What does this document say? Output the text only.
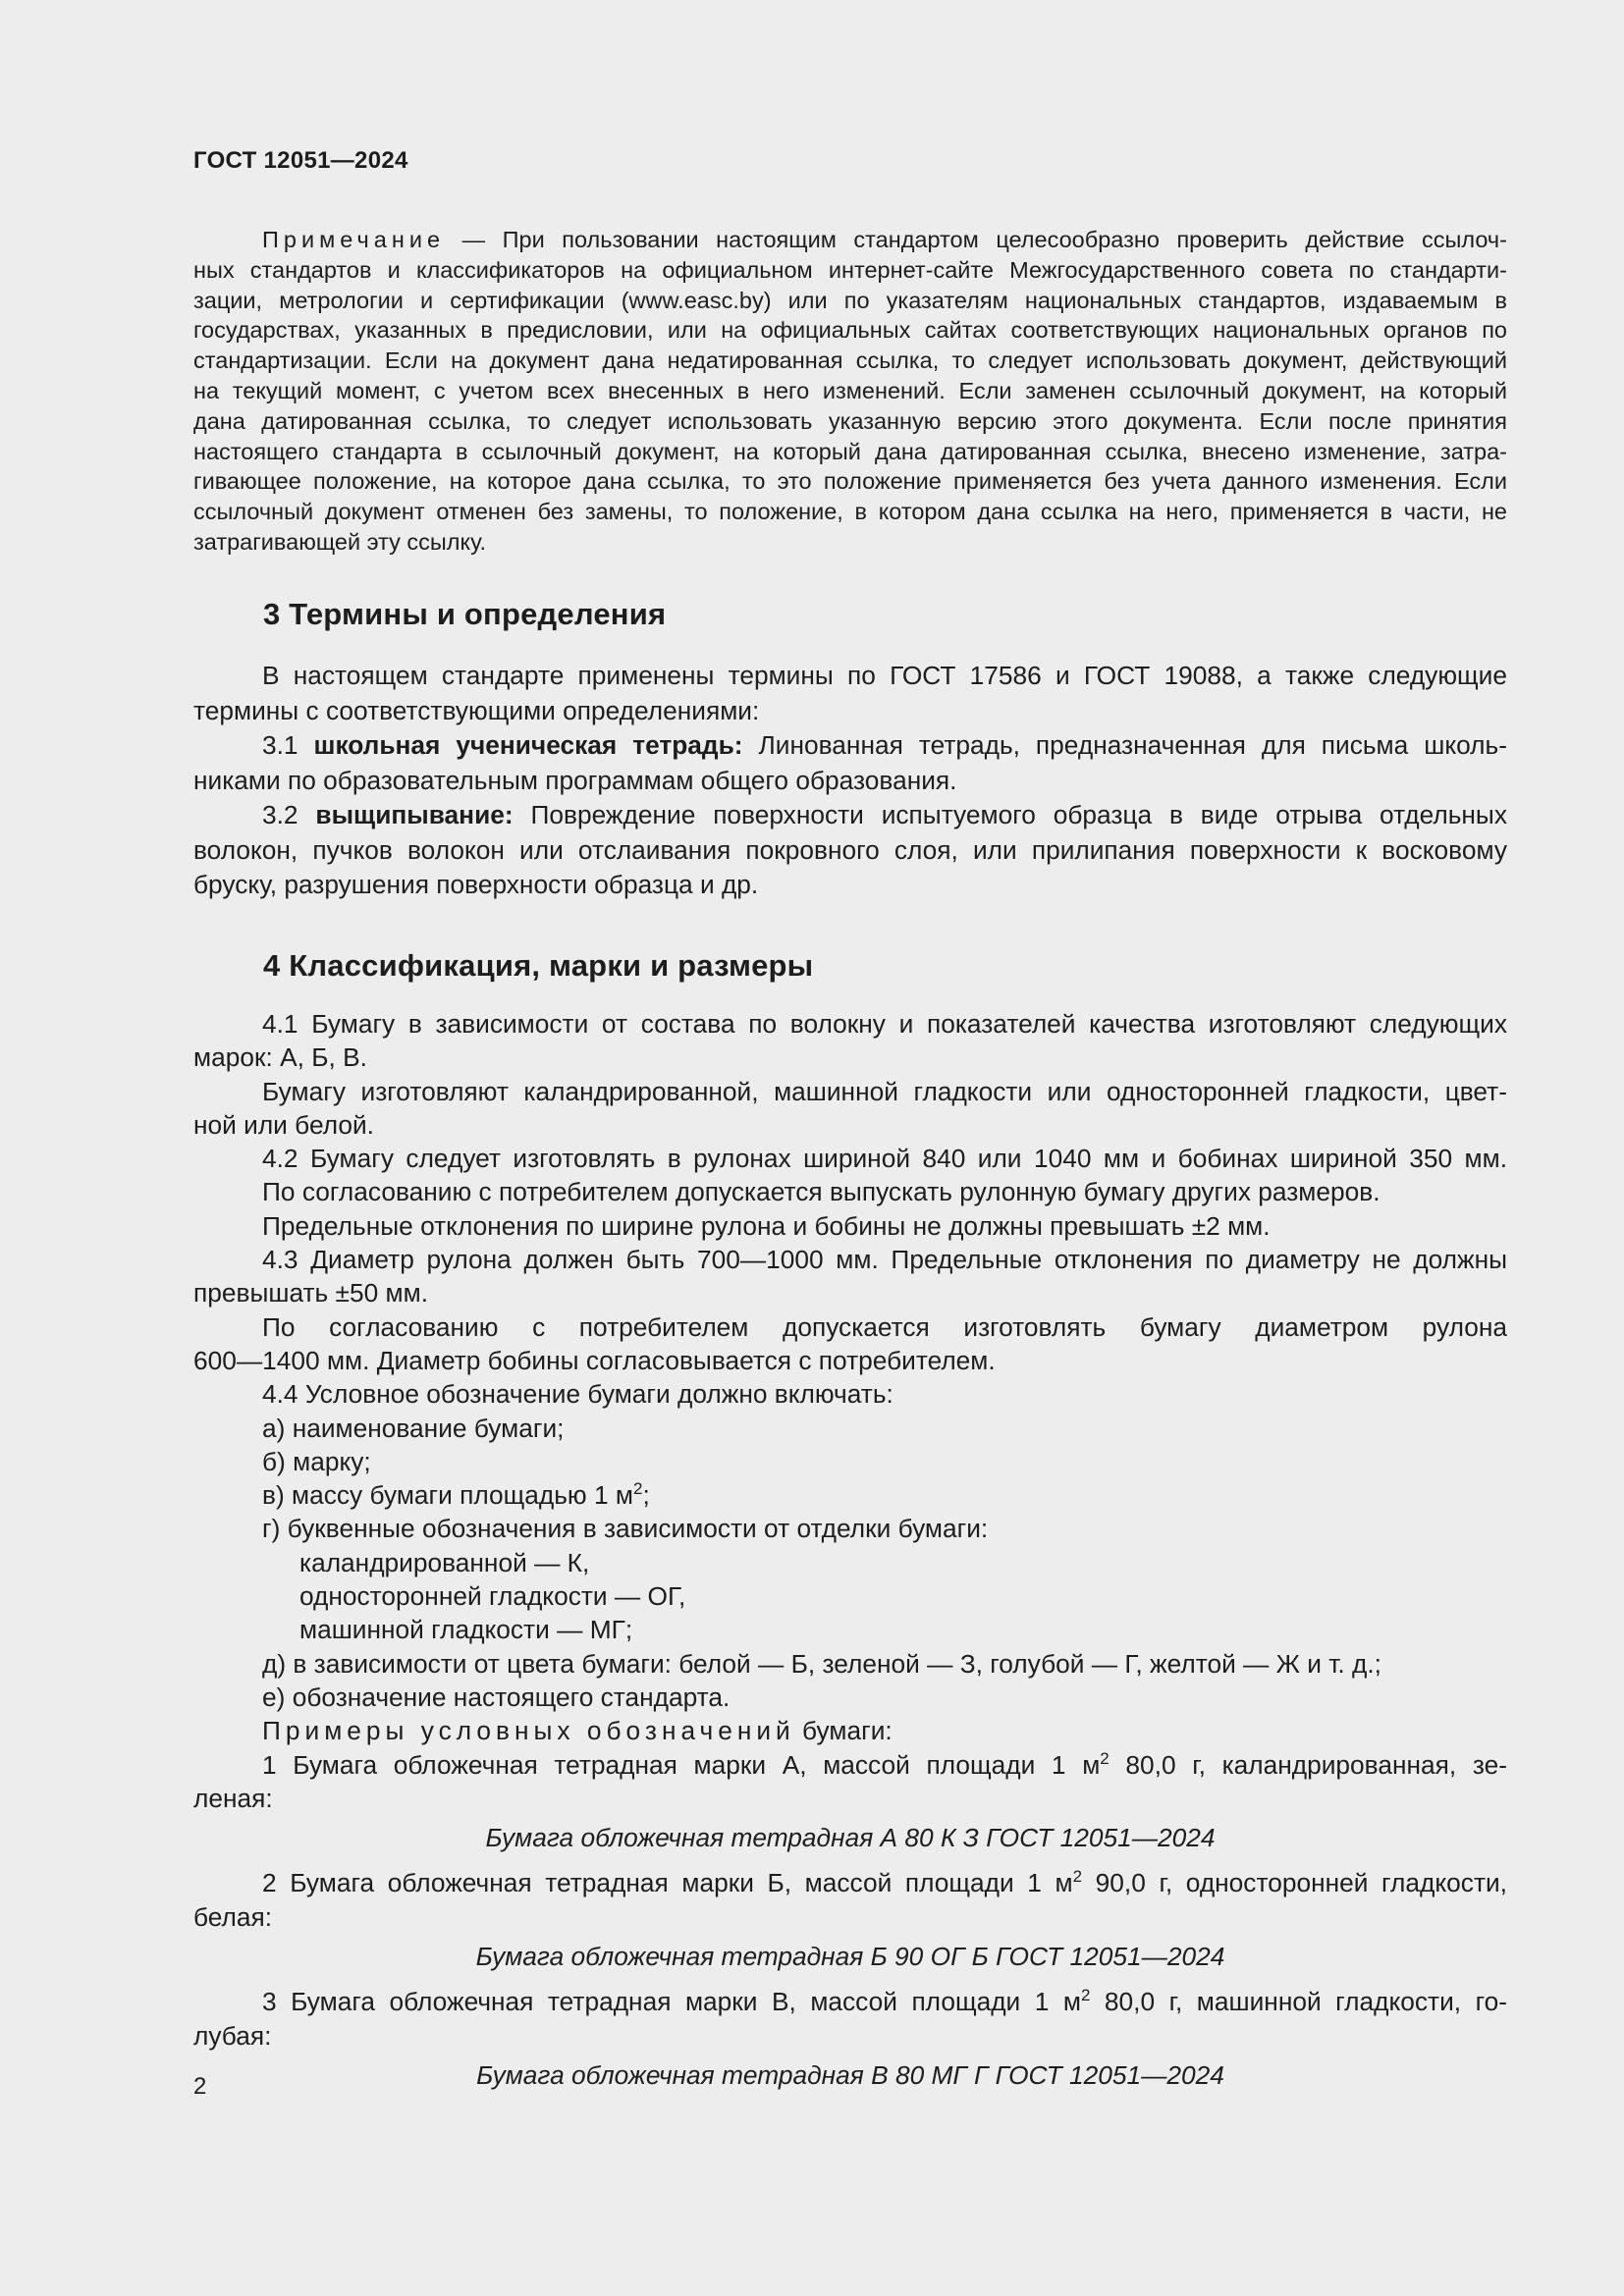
ГОСТ 12051—2024
Примечание — При пользовании настоящим стандартом целесообразно проверить действие ссылоч-
ных стандартов и классификаторов на официальном интернет-сайте Межгосударственного совета по стандарти-
зации, метрологии и сертификации (www.easc.by) или по указателям национальных стандартов, издаваемым в
государствах, указанных в предисловии, или на официальных сайтах соответствующих национальных органов по
стандартизации. Если на документ дана недатированная ссылка, то следует использовать документ, действующий
на текущий момент, с учетом всех внесенных в него изменений. Если заменен ссылочный документ, на который
дана датированная ссылка, то следует использовать указанную версию этого документа. Если после принятия
настоящего стандарта в ссылочный документ, на который дана датированная ссылка, внесено изменение, затра-
гивающее положение, на которое дана ссылка, то это положение применяется без учета данного изменения. Если
ссылочный документ отменен без замены, то положение, в котором дана ссылка на него, применяется в части, не
затрагивающей эту ссылку.
3 Термины и определения
В настоящем стандарте применены термины по ГОСТ 17586 и ГОСТ 19088, а также следующие
термины с соответствующими определениями:
3.1 школьная ученическая тетрадь: Линованная тетрадь, предназначенная для письма школь-
никами по образовательным программам общего образования.
3.2 выщипывание: Повреждение поверхности испытуемого образца в виде отрыва отдельных
волокон, пучков волокон или отслаивания покровного слоя, или прилипания поверхности к восковому
бруску, разрушения поверхности образца и др.
4 Классификация, марки и размеры
4.1 Бумагу в зависимости от состава по волокну и показателей качества изготовляют следующих
марок: А, Б, В.
Бумагу изготовляют каландрированной, машинной гладкости или односторонней гладкости, цвет-
ной или белой.
4.2 Бумагу следует изготовлять в рулонах шириной 840 или 1040 мм и бобинах шириной 350 мм.
По согласованию с потребителем допускается выпускать рулонную бумагу других размеров.
Предельные отклонения по ширине рулона и бобины не должны превышать ±2 мм.
4.3 Диаметр рулона должен быть 700—1000 мм. Предельные отклонения по диаметру не должны
превышать ±50 мм.
По согласованию с потребителем допускается изготовлять бумагу диаметром рулона
600—1400 мм. Диаметр бобины согласовывается с потребителем.
4.4 Условное обозначение бумаги должно включать:
а) наименование бумаги;
б) марку;
в) массу бумаги площадью 1 $м^2$;
г) буквенные обозначения в зависимости от отделки бумаги:
каландрированной — К,
односторонней гладкости — ОГ,
машинной гладкости — МГ;
д) в зависимости от цвета бумаги: белой — Б, зеленой — З, голубой — Г, желтой — Ж и т. д.;
е) обозначение настоящего стандарта.
Примеры условных обозначений бумаги:
1 Бумага обложечная тетрадная марки А, массой площади 1 $м^2$ 80,0 г, каландрированная, зе-
леная:
Бумага обложечная тетрадная А 80 К З ГОСТ 12051—2024
2 Бумага обложечная тетрадная марки Б, массой площади 1 $м^2$ 90,0 г, односторонней гладкости,
белая:
Бумага обложечная тетрадная Б 90 ОГ Б ГОСТ 12051—2024
3 Бумага обложечная тетрадная марки В, массой площади 1 $м^2$ 80,0 г, машинной гладкости, го-
лубая:
Бумага обложечная тетрадная В 80 МГ Г ГОСТ 12051—2024
2
